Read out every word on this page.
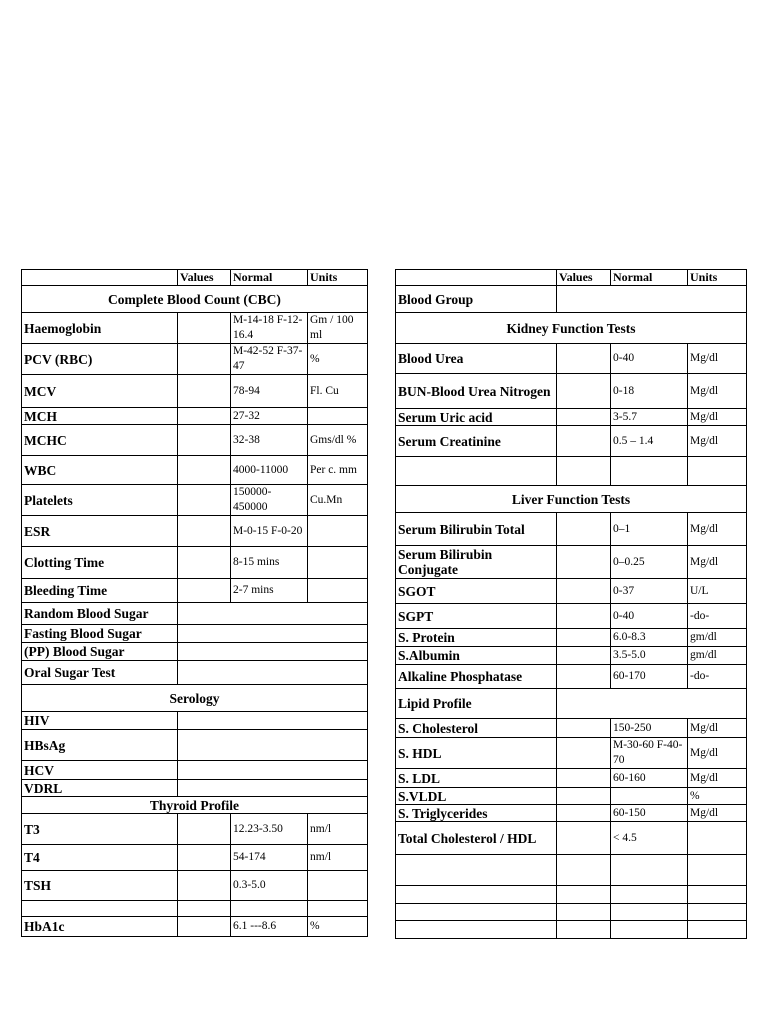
	Values	Normal	Units
Complete Blood Count (CBC)			
Haemoglobin		M-14-18 F-12-16.4	Gm / 100 ml
PCV (RBC)		M-42-52 F-37-47	%
MCV		78-94	Fl. Cu
MCH		27-32	
MCHC		32-38	Gms/dl %
WBC		4000-11000	Per c. mm
Platelets		150000-450000	Cu.Mn
ESR		M-0-15 F-0-20	
Clotting Time		8-15 mins	
Bleeding Time		2-7 mins	
Random Blood Sugar			
Fasting Blood Sugar			
(PP) Blood Sugar			
Oral Sugar Test			
Serology			
HIV			
HBsAg			
HCV			
VDRL			
Thyroid Profile			
T3		12.23-3.50	nm/l
T4		54-174	nm/l
TSH		0.3-5.0	

HbA1c		6.1 ---8.6	%
	Values	Normal	Units
Blood Group			
Kidney Function Tests			
Blood Urea		0-40	Mg/dl
BUN-Blood Urea Nitrogen		0-18	Mg/dl
Serum Uric acid		3-5.7	Mg/dl
Serum Creatinine		0.5 – 1.4	Mg/dl

Liver Function Tests			
Serum Bilirubin Total		0–1	Mg/dl
Serum Bilirubin Conjugate		0–0.25	Mg/dl
SGOT		0-37	U/L
SGPT		0-40	-do-
S. Protein		6.0-8.3	gm/dl
S.Albumin		3.5-5.0	gm/dl
Alkaline Phosphatase		60-170	-do-
Lipid Profile			
S. Cholesterol		150-250	Mg/dl
S. HDL		M-30-60 F-40-70	Mg/dl
S. LDL		60-160	Mg/dl
S.VLDL			%
S. Triglycerides		60-150	Mg/dl
Total Cholesterol / HDL		< 4.5	
